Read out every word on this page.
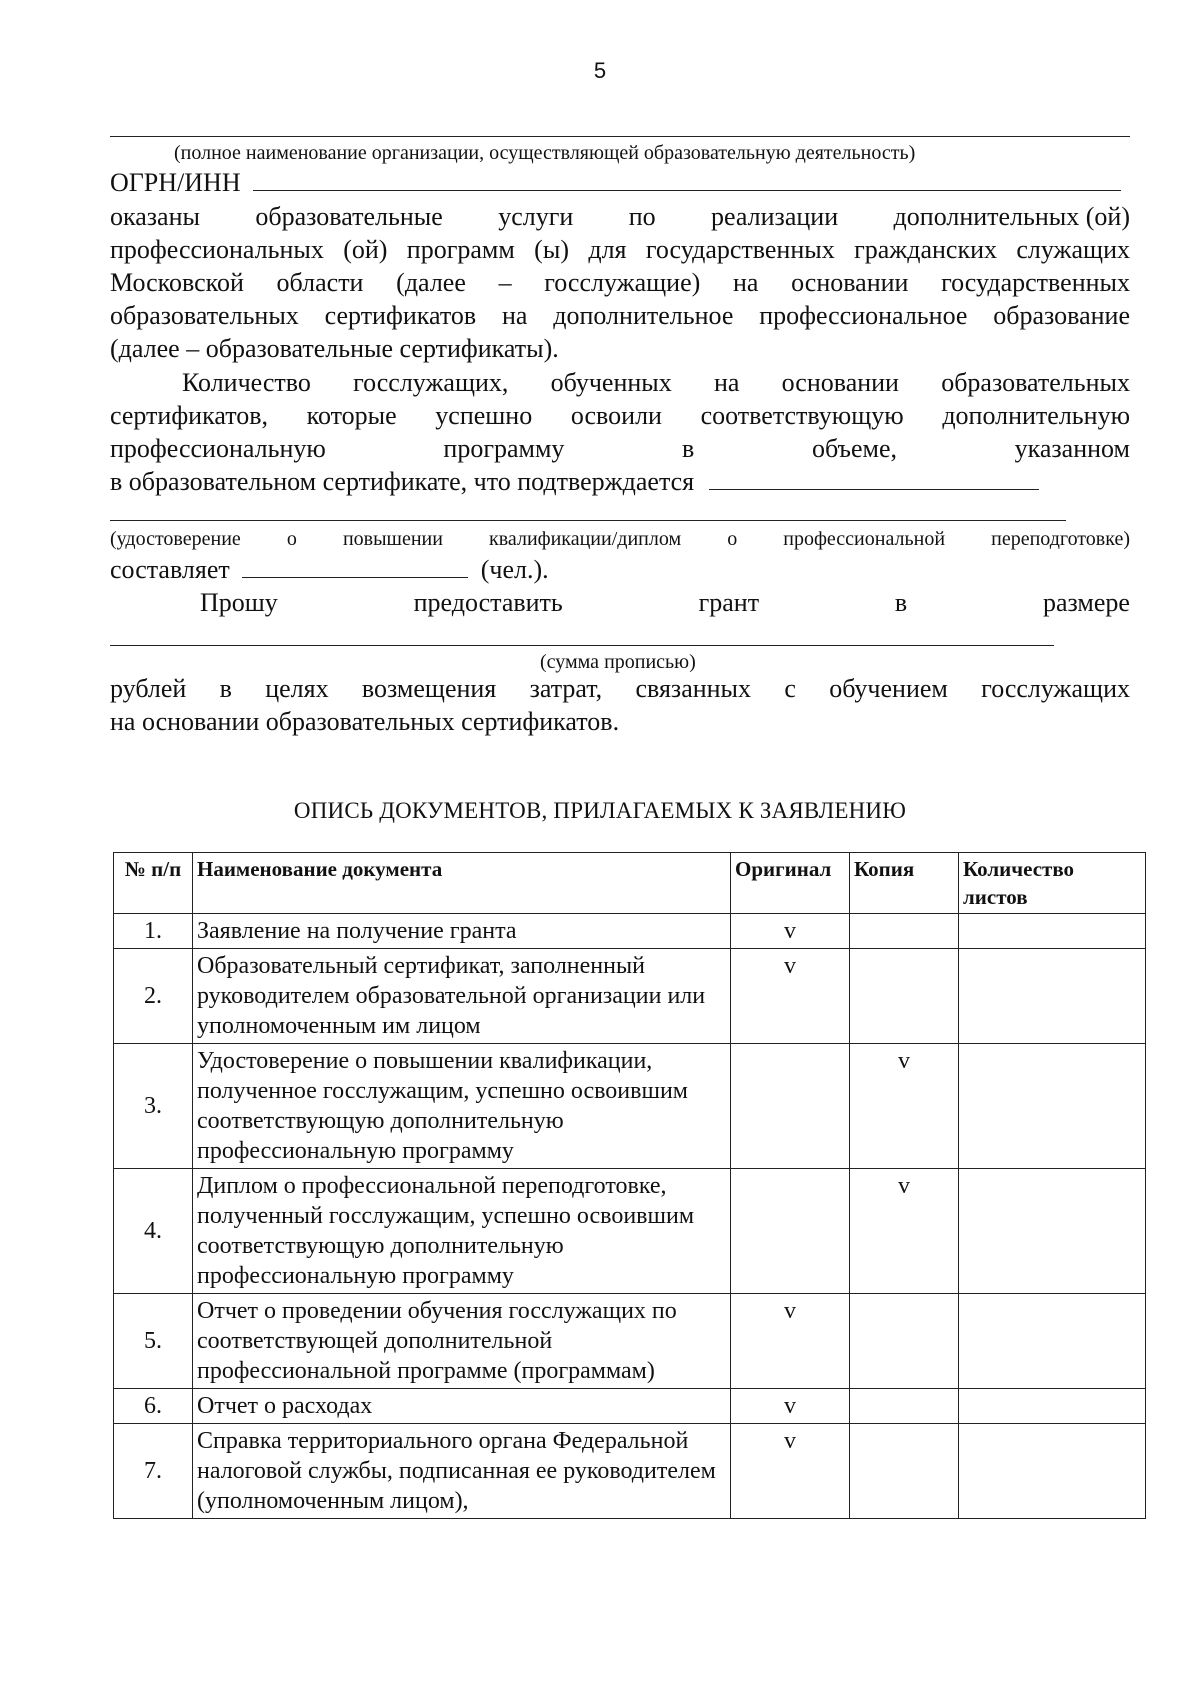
5
(полное наименование организации, осуществляющей образовательную деятельность)
ОГРН/ИНН
оказаны образовательные услуги по реализации дополнительных (ой)
профессиональных (ой) программ (ы) для государственных гражданских служащих
Московской области (далее – госслужащие) на основании государственных
образовательных сертификатов на дополнительное профессиональное образование
(далее – образовательные сертификаты).
Количество госслужащих, обученных на основании образовательных
сертификатов, которые успешно освоили соответствующую дополнительную
профессиональную	программу	в	объеме,	указанном
в образовательном сертификате, что подтверждается
(удостоверение о повышении квалификации/диплом о профессиональной переподготовке)
составляет	(чел.).
Прошу	предоставить	грант	в	размере
(сумма прописью)
рублей в целях возмещения затрат, связанных с обучением госслужащих
на основании образовательных сертификатов.
ОПИСЬ ДОКУМЕНТОВ, ПРИЛАГАЕМЫХ К ЗАЯВЛЕНИЮ
№ п/п	Наименование документа	Оригинал	Копия	Количество листов
1.	Заявление на получение гранта	v		
2.	Образовательный сертификат, заполненный руководителем образовательной организации или уполномоченным им лицом	v		
3.	Удостоверение о повышении квалификации, полученное госслужащим, успешно освоившим соответствующую дополнительную профессиональную программу		v	
4.	Диплом о профессиональной переподготовке, полученный госслужащим, успешно освоившим соответствующую дополнительную профессиональную программу		v	
5.	Отчет о проведении обучения госслужащих по соответствующей дополнительной профессиональной программе (программам)	v		
6.	Отчет о расходах	v		
7.	Справка территориального органа Федеральной налоговой службы, подписанная ее руководителем (уполномоченным лицом),	v		
